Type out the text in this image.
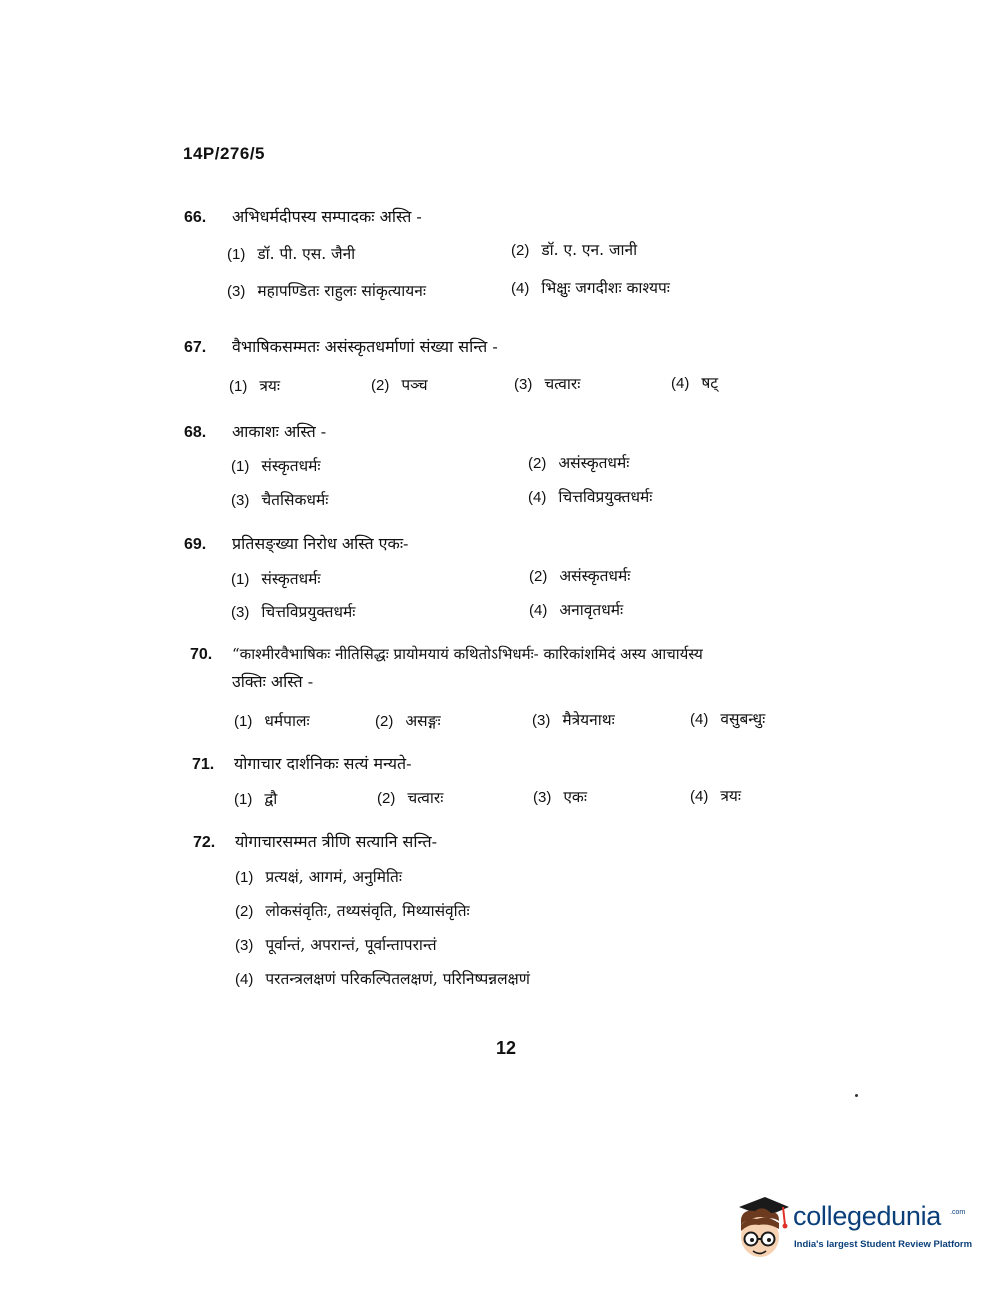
14P/276/5
66.	अभिधर्मदीपस्य सम्पादकः अस्ति -
(1) डॉ. पी. एस. जैनी	(2) डॉ. ए. एन. जानी
(3) महापण्डितः राहुलः सांकृत्यायनः	(4) भिक्षुः जगदीशः काश्यपः
67.	वैभाषिकसम्मतः असंस्कृतधर्माणां संख्या सन्ति -
(1) त्रयः	(2) पञ्च	(3) चत्वारः	(4) षट्
68.	आकाशः अस्ति -
(1) संस्कृतधर्मः	(2) असंस्कृतधर्मः
(3) चैतसिकधर्मः	(4) चित्तविप्रयुक्तधर्मः
69.	प्रतिसङ्ख्या निरोध अस्ति एकः-
(1) संस्कृतधर्मः	(2) असंस्कृतधर्मः
(3) चित्तविप्रयुक्तधर्मः	(4) अनावृतधर्मः
70.	“काश्मीरवैभाषिकः नीतिसिद्धः प्रायोमयायं कथितोऽभिधर्मः- कारिकांशमिदं अस्य आचार्यस्य
उक्तिः अस्ति -
(1) धर्मपालः	(2) असङ्गः	(3) मैत्रेयनाथः	(4) वसुबन्धुः
71.	योगाचार दार्शनिकः सत्यं मन्यते-
(1) द्वौ	(2) चत्वारः	(3) एकः	(4) त्रयः
72.	योगाचारसम्मत त्रीणि सत्यानि सन्ति-
(1) प्रत्यक्षं, आगमं, अनुमितिः
(2) लोकसंवृतिः, तथ्यसंवृति, मिथ्यासंवृतिः
(3) पूर्वान्तं, अपरान्तं, पूर्वान्तापरान्तं
(4) परतन्त्रलक्षणं परिकल्पितलक्षणं, परिनिष्पन्नलक्षणं
12
collegedunia .com
India's largest Student Review Platform
